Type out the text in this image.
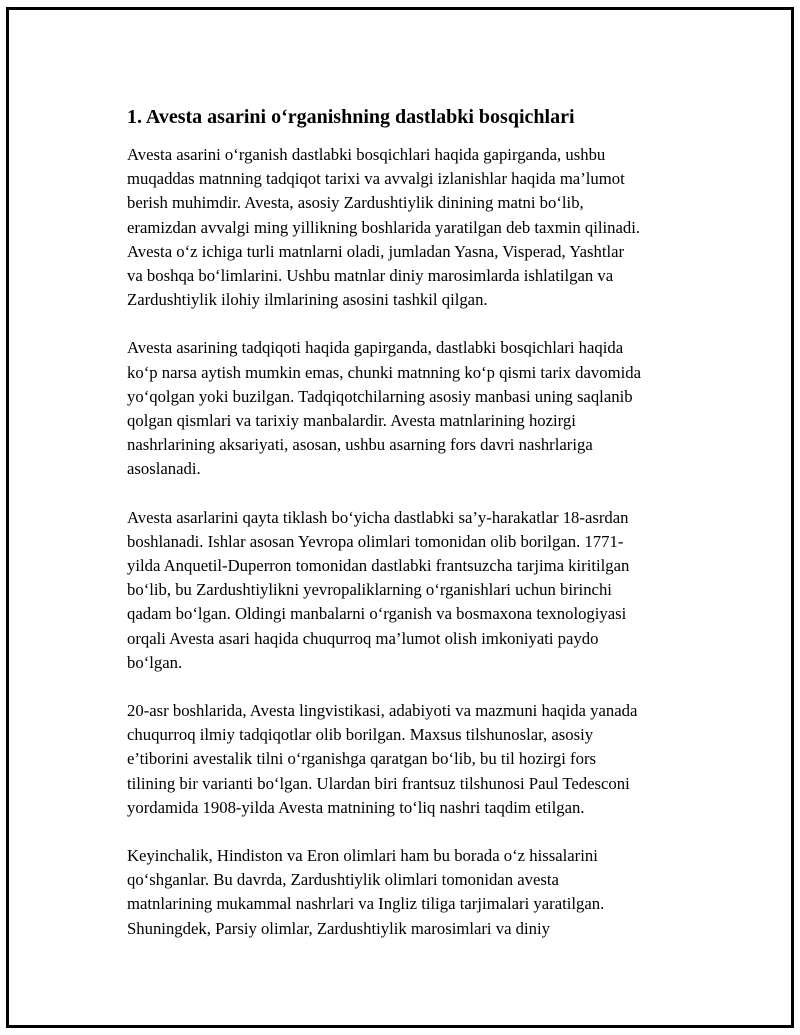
1. Avesta asarini o‘rganishning dastlabki bosqichlari

Avesta asarini o‘rganish dastlabki bosqichlari haqida gapirganda, ushbu
muqaddas matnning tadqiqot tarixi va avvalgi izlanishlar haqida ma’lumot
berish muhimdir. Avesta, asosiy Zardushtiylik dinining matni bo‘lib,
eramizdan avvalgi ming yillikning boshlarida yaratilgan deb taxmin qilinadi.
Avesta o‘z ichiga turli matnlarni oladi, jumladan Yasna, Visperad, Yashtlar
va boshqa bo‘limlarini. Ushbu matnlar diniy marosimlarda ishlatilgan va
Zardushtiylik ilohiy ilmlarining asosini tashkil qilgan.

Avesta asarining tadqiqoti haqida gapirganda, dastlabki bosqichlari haqida
ko‘p narsa aytish mumkin emas, chunki matnning ko‘p qismi tarix davomida
yo‘qolgan yoki buzilgan. Tadqiqotchilarning asosiy manbasi uning saqlanib
qolgan qismlari va tarixiy manbalardir. Avesta matnlarining hozirgi
nashrlarining aksariyati, asosan, ushbu asarning fors davri nashrlariga
asoslanadi.

Avesta asarlarini qayta tiklash bo‘yicha dastlabki sa’y-harakatlar 18-asrdan
boshlanadi. Ishlar asosan Yevropa olimlari tomonidan olib borilgan. 1771-
yilda Anquetil-Duperron tomonidan dastlabki frantsuzcha tarjima kiritilgan
bo‘lib, bu Zardushtiylikni yevropaliklarning o‘rganishlari uchun birinchi
qadam bo‘lgan. Oldingi manbalarni o‘rganish va bosmaxona texnologiyasi
orqali Avesta asari haqida chuqurroq ma’lumot olish imkoniyati paydo
bo‘lgan.

20-asr boshlarida, Avesta lingvistikasi, adabiyoti va mazmuni haqida yanada
chuqurroq ilmiy tadqiqotlar olib borilgan. Maxsus tilshunoslar, asosiy
e’tiborini avestalik tilni o‘rganishga qaratgan bo‘lib, bu til hozirgi fors
tilining bir varianti bo‘lgan. Ulardan biri frantsuz tilshunosi Paul Tedesconi
yordamida 1908-yilda Avesta matnining to‘liq nashri taqdim etilgan.

Keyinchalik, Hindiston va Eron olimlari ham bu borada o‘z hissalarini
qo‘shganlar. Bu davrda, Zardushtiylik olimlari tomonidan avesta
matnlarining mukammal nashrlari va Ingliz tiliga tarjimalari yaratilgan.
Shuningdek, Parsiy olimlar, Zardushtiylik marosimlari va diniy
